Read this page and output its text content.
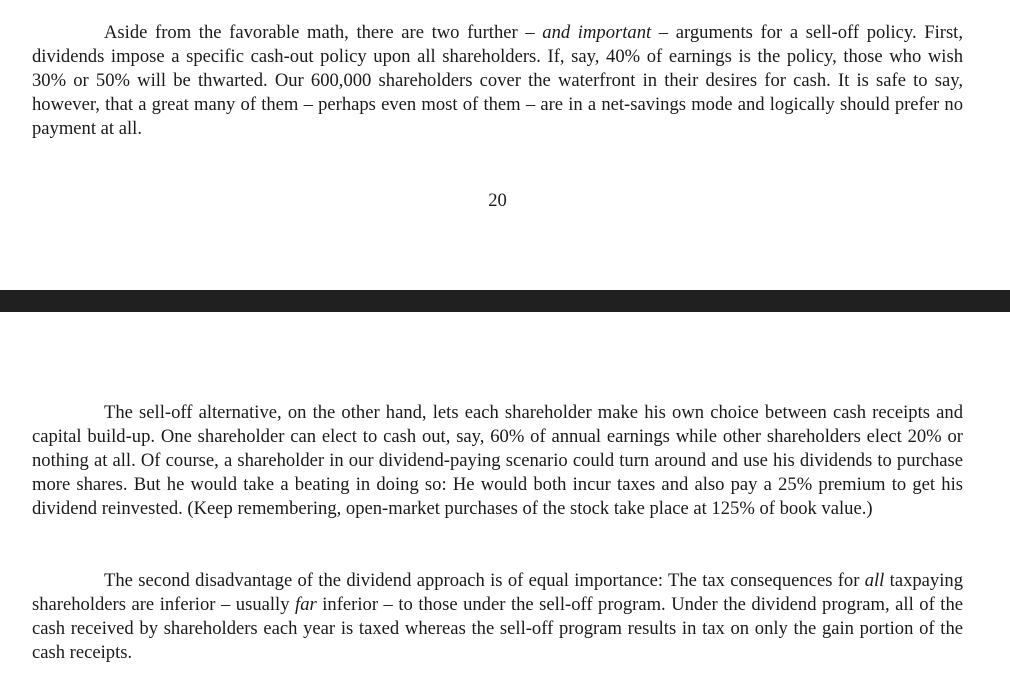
Aside from the favorable math, there are two further – and important – arguments for a sell-off policy. First, dividends impose a specific cash-out policy upon all shareholders. If, say, 40% of earnings is the policy, those who wish 30% or 50% will be thwarted. Our 600,000 shareholders cover the waterfront in their desires for cash. It is safe to say, however, that a great many of them – perhaps even most of them – are in a net-savings mode and logically should prefer no payment at all.

20

The sell-off alternative, on the other hand, lets each shareholder make his own choice between cash receipts and capital build-up. One shareholder can elect to cash out, say, 60% of annual earnings while other shareholders elect 20% or nothing at all. Of course, a shareholder in our dividend-paying scenario could turn around and use his dividends to purchase more shares. But he would take a beating in doing so: He would both incur taxes and also pay a 25% premium to get his dividend reinvested. (Keep remembering, open-market purchases of the stock take place at 125% of book value.)

The second disadvantage of the dividend approach is of equal importance: The tax consequences for all taxpaying shareholders are inferior – usually far inferior – to those under the sell-off program. Under the dividend program, all of the cash received by shareholders each year is taxed whereas the sell-off program results in tax on only the gain portion of the cash receipts.
